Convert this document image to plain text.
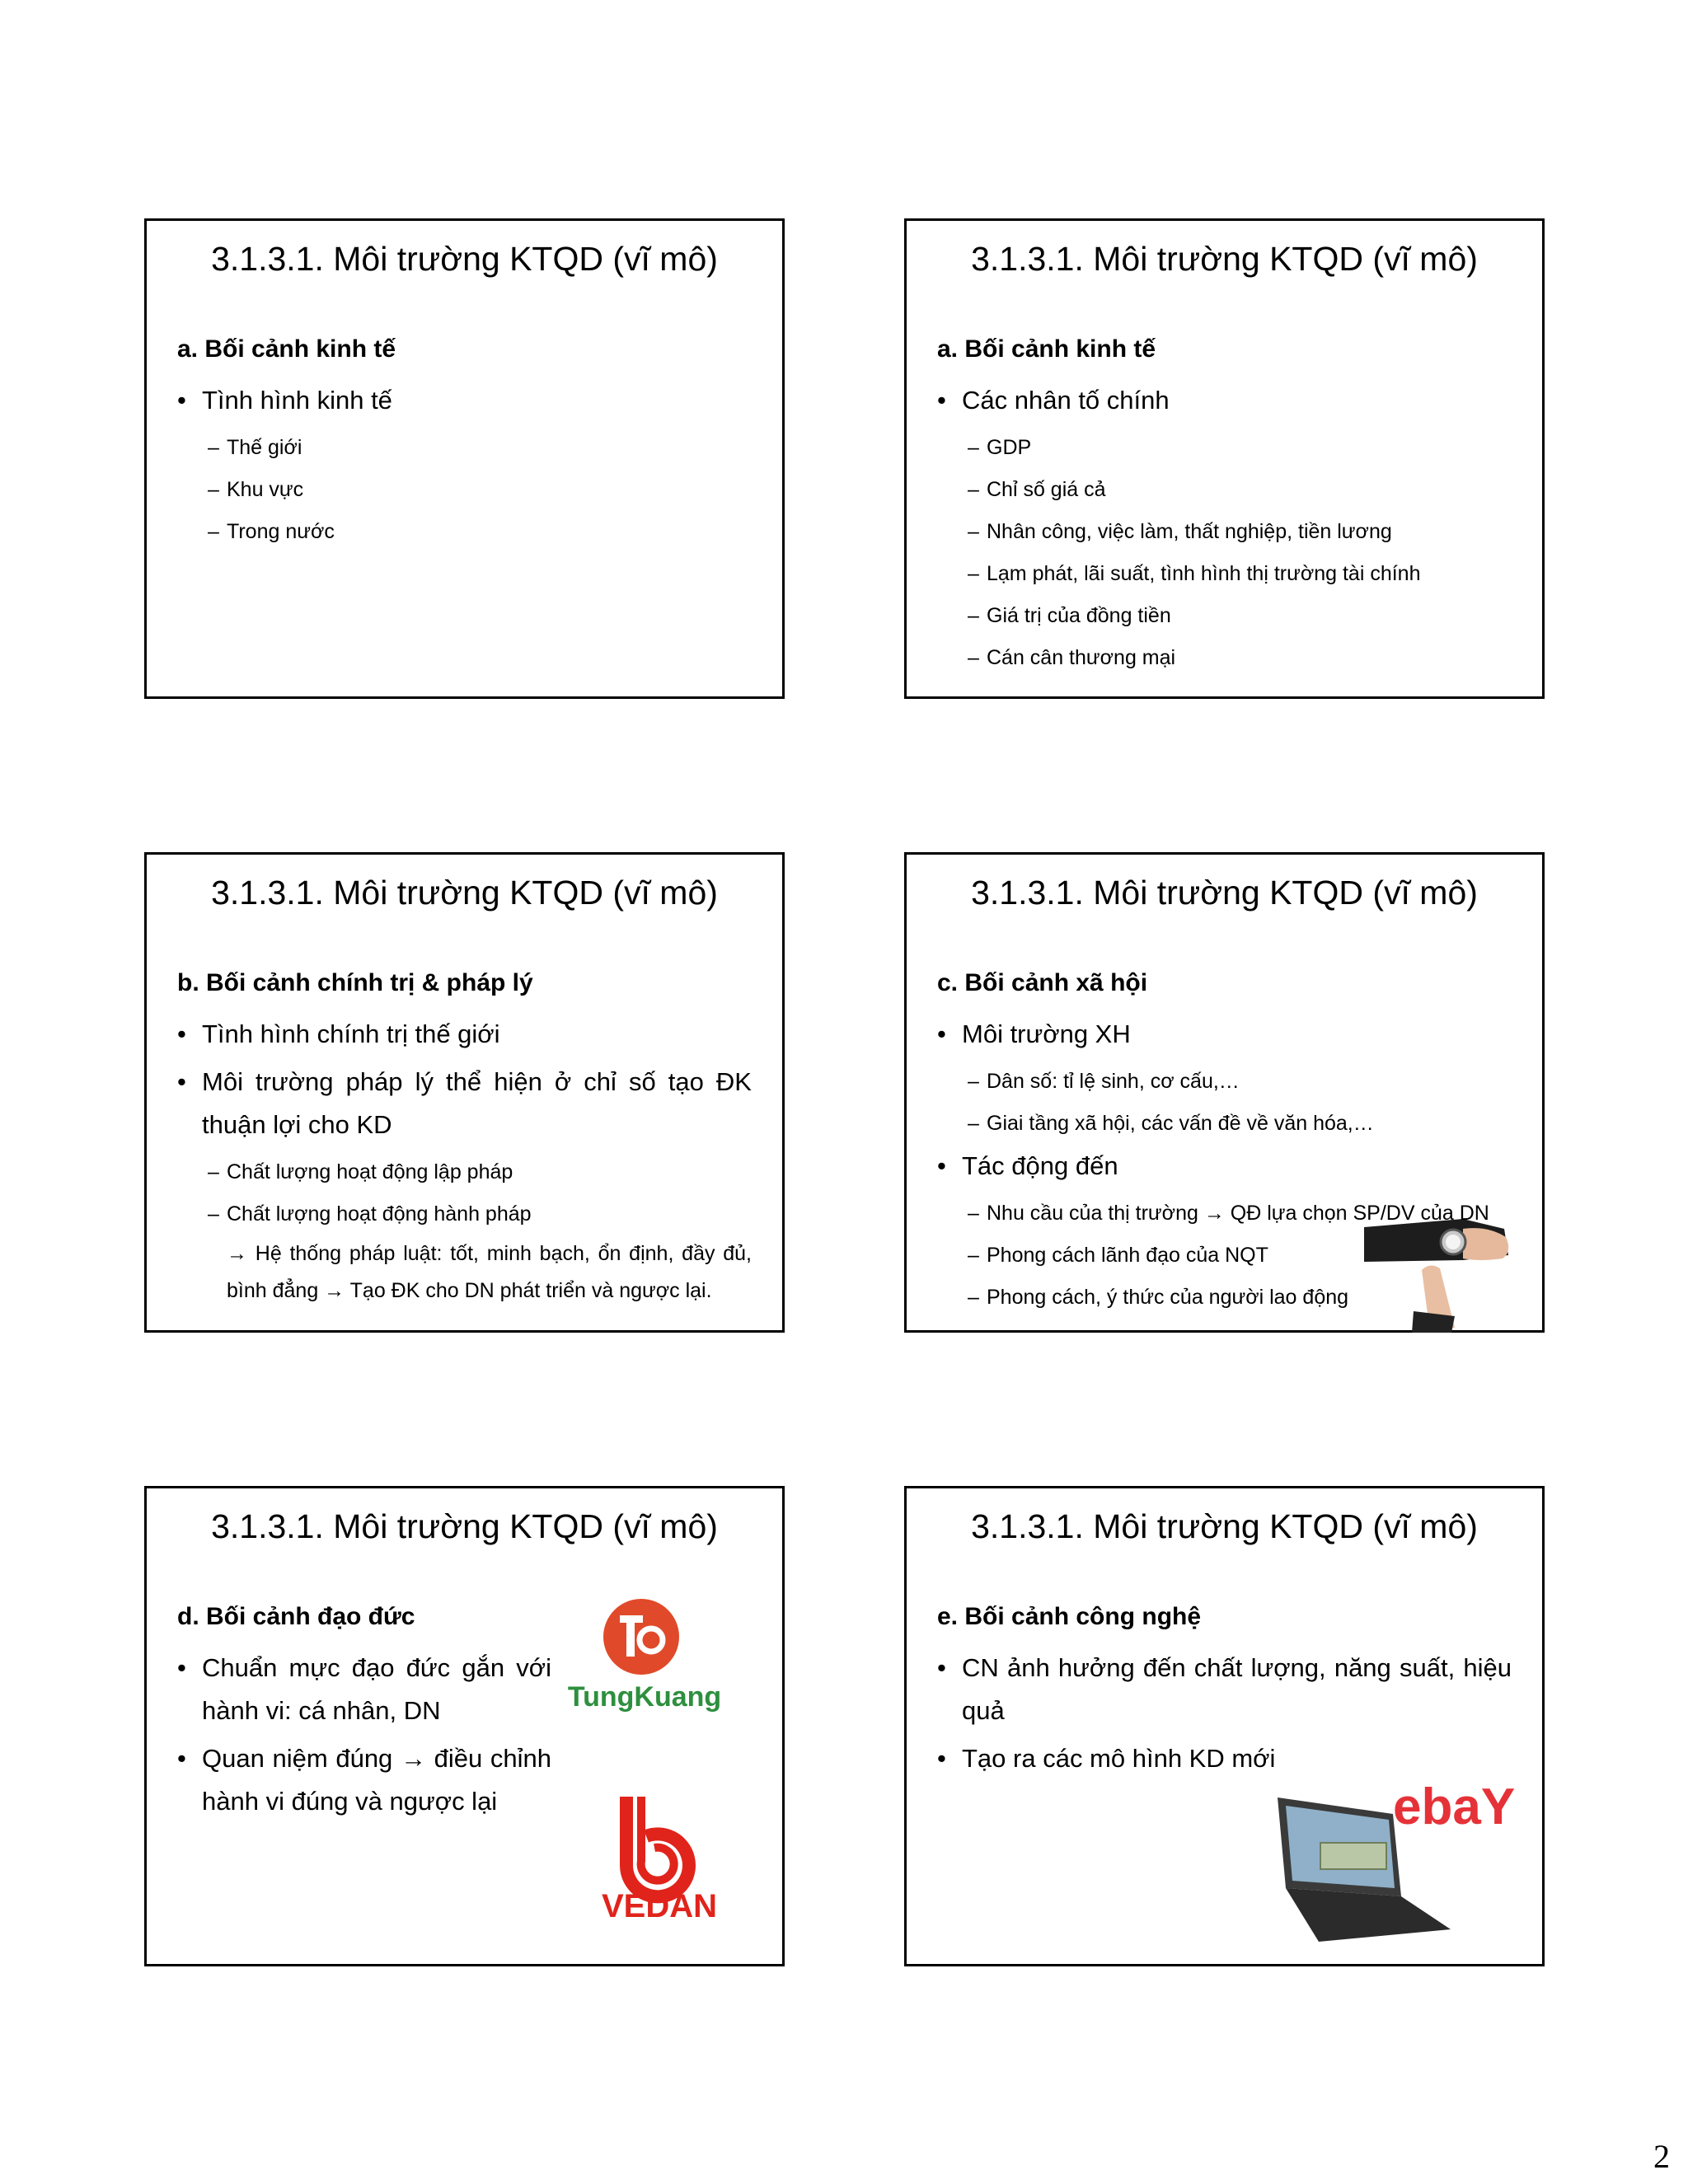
3.1.3.1. Môi trường KTQD (vĩ mô)
a. Bối cảnh kinh tế
• Tình hình kinh tế
– Thế giới
– Khu vực
– Trong nước
3.1.3.1. Môi trường KTQD (vĩ mô)
a. Bối cảnh kinh tế
• Các nhân tố chính
– GDP
– Chỉ số giá cả
– Nhân công, việc làm, thất nghiệp, tiền lương
– Lạm phát, lãi suất, tình hình thị trường tài chính
– Giá trị của đồng tiền
– Cán cân thương mại
3.1.3.1. Môi trường KTQD (vĩ mô)
b. Bối cảnh chính trị & pháp lý
• Tình hình chính trị thế giới
• Môi trường pháp lý thể hiện ở chỉ số tạo ĐK thuận lợi cho KD
– Chất lượng hoạt động lập pháp
– Chất lượng hoạt động hành pháp
→ Hệ thống pháp luật: tốt, minh bạch, ổn định, đầy đủ, bình đẳng → Tạo ĐK cho DN phát triển và ngược lại.
3.1.3.1. Môi trường KTQD (vĩ mô)
c. Bối cảnh xã hội
• Môi trường XH
– Dân số: tỉ lệ sinh, cơ cấu,…
– Giai tầng xã hội, các vấn đề về văn hóa,…
• Tác động đến
– Nhu cầu của thị trường → QĐ lựa chọn SP/DV của DN
– Phong cách lãnh đạo của NQT
– Phong cách, ý thức của người lao động
3.1.3.1. Môi trường KTQD (vĩ mô)
d. Bối cảnh đạo đức
• Chuẩn mực đạo đức gắn với hành vi: cá nhân, DN
• Quan niệm đúng → điều chỉnh hành vi đúng và ngược lại
TungKuang
VEDAN
3.1.3.1. Môi trường KTQD (vĩ mô)
e. Bối cảnh công nghệ
• CN ảnh hưởng đến chất lượng, năng suất, hiệu quả
• Tạo ra các mô hình KD mới
ebaY
2
